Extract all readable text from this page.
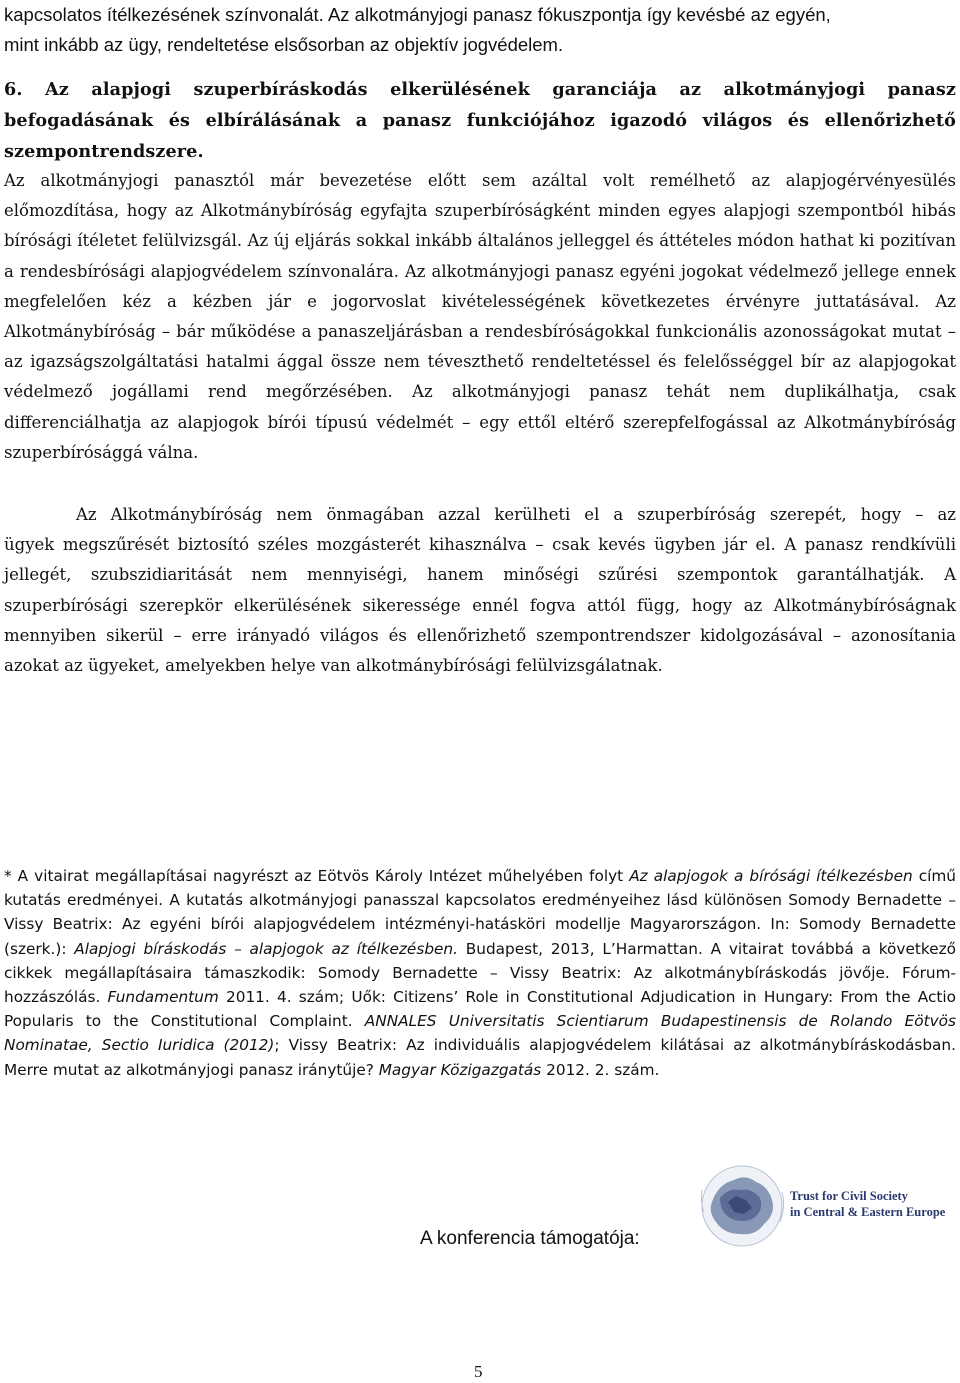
kapcsolatos ítélkezésének színvonalát. Az alkotmányjogi panasz fókuszpontja így kevésbé az egyén,
mint inkább az ügy, rendeltetése elsősorban az objektív jogvédelem.

6. Az alapjogi szuperbíráskodás elkerülésének garanciája az alkotmányjogi panasz befogadásának és elbírálásának a panasz funkciójához igazodó világos és ellenőrizhető szempontrendszere.

Az alkotmányjogi panasztól már bevezetése előtt sem azáltal volt remélhető az alapjogérvényesülés előmozdítása, hogy az Alkotmánybíróság egyfajta szuperbíróságként minden egyes alapjogi szempontból hibás bírósági ítéletet felülvizsgál. Az új eljárás sokkal inkább általános jelleggel és áttételes módon hathat ki pozitívan a rendesbírósági alapjogvédelem színvonalára. Az alkotmányjogi panasz egyéni jogokat védelmező jellege ennek megfelelően kéz a kézben jár e jogorvoslat kivételességének következetes érvényre juttatásával. Az Alkotmánybíróság – bár működése a panaszeljárásban a rendesbíróságokkal funkcionális azonosságokat mutat – az igazságszolgáltatási hatalmi ággal össze nem téveszthető rendeltetéssel és felelősséggel bír az alapjogokat védelmező jogállami rend megőrzésében. Az alkotmányjogi panasz tehát nem duplikálhatja, csak differenciálhatja az alapjogok bírói típusú védelmét – egy ettől eltérő szerepfelfogással az Alkotmánybíróság szuperbírósággá válna.

Az Alkotmánybíróság nem önmagában azzal kerülheti el a szuperbíróság szerepét, hogy – az
ügyek megszűrését biztosító széles mozgásterét kihasználva – csak kevés ügyben jár el. A panasz rendkívüli jellegét, szubszidiaritását nem mennyiségi, hanem minőségi szűrési szempontok garantálhatják. A szuperbírósági szerepkör elkerülésének sikeressége ennél fogva attól függ, hogy az Alkotmánybíróságnak mennyiben sikerül – erre irányadó világos és ellenőrizhető szempontrendszer kidolgozásával – azonosítania azokat az ügyeket, amelyekben helye van alkotmánybírósági felülvizsgálatnak.

* A vitairat megállapításai nagyrészt az Eötvös Károly Intézet műhelyében folyt Az alapjogok a bírósági ítélkezésben című kutatás eredményei. A kutatás alkotmányjogi panasszal kapcsolatos eredményeihez lásd különösen Somody Bernadette – Vissy Beatrix: Az egyéni bírói alapjogvédelem intézményi-hatásköri modellje Magyarországon. In: Somody Bernadette (szerk.): Alapjogi bíráskodás – alapjogok az ítélkezésben. Budapest, 2013, L’Harmattan. A vitairat továbbá a következő cikkek megállapításaira támaszkodik: Somody Bernadette – Vissy Beatrix: Az alkotmánybíráskodás jövője. Fórum-hozzászólás. Fundamentum 2011. 4. szám; Uők: Citizens’ Role in Constitutional Adjudication in Hungary: From the Actio Popularis to the Constitutional Complaint. ANNALES Universitatis Scientiarum Budapestinensis de Rolando Eötvös Nominatae, Sectio Iuridica (2012); Vissy Beatrix: Az individuális alapjogvédelem kilátásai az alkotmánybíráskodásban. Merre mutat az alkotmányjogi panasz iránytűje? Magyar Közigazgatás 2012. 2. szám.

Trust for Civil Society
in Central & Eastern Europe

A konferencia támogatója:

5
